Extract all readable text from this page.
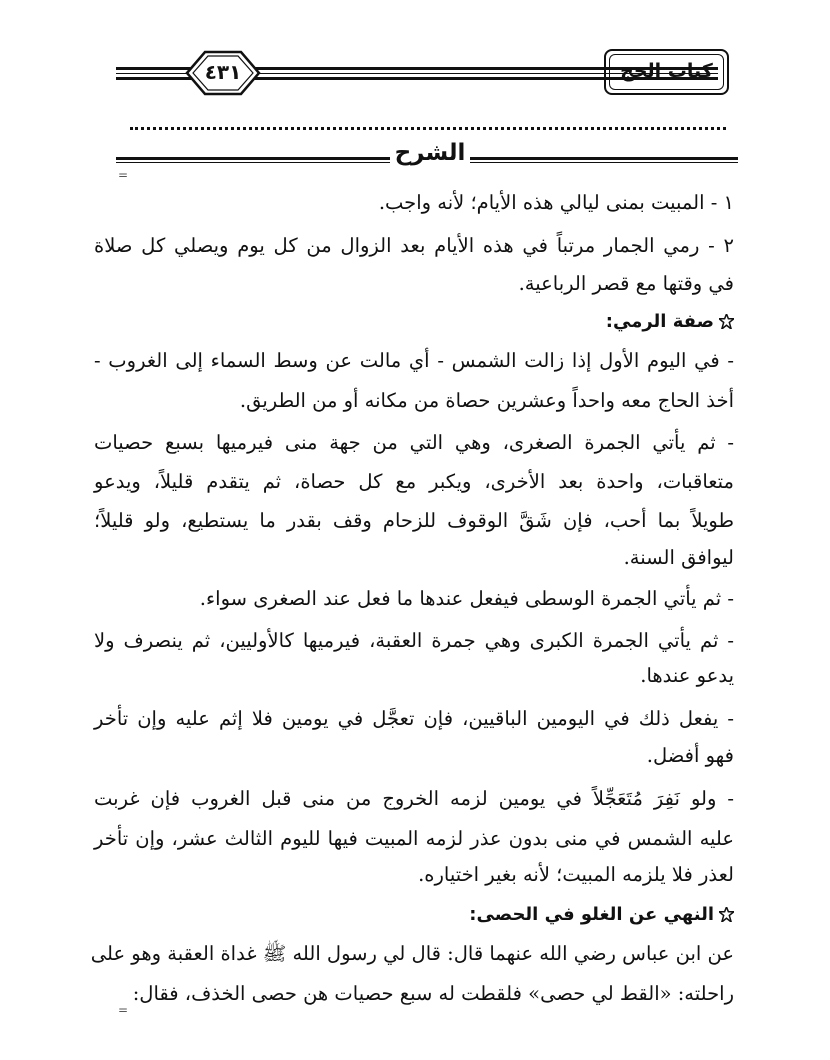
٤٣١	كتاب الحج
الشرح
=
=
١ - المبيت بمنى ليالي هذه الأيام؛ لأنه واجب.
٢ - رمي الجمار مرتباً في هذه الأيام بعد الزوال من كل يوم ويصلي كل صلاة
في وقتها مع قصر الرباعية.
صفة الرمي:
- في اليوم الأول إذا زالت الشمس - أي مالت عن وسط السماء إلى الغروب -
أخذ الحاج معه واحداً وعشرين حصاة من مكانه أو من الطريق.
- ثم يأتي الجمرة الصغرى، وهي التي من جهة منى فيرميها بسبع حصيات
متعاقبات، واحدة بعد الأخرى، ويكبر مع كل حصاة، ثم يتقدم قليلاً، ويدعو
طويلاً بما أحب، فإن شَقَّ الوقوف للزحام وقف بقدر ما يستطيع، ولو قليلاً؛
ليوافق السنة.
- ثم يأتي الجمرة الوسطى فيفعل عندها ما فعل عند الصغرى سواء.
- ثم يأتي الجمرة الكبرى وهي جمرة العقبة، فيرميها كالأوليين، ثم ينصرف ولا
يدعو عندها.
- يفعل ذلك في اليومين الباقيين، فإن تعجَّل في يومين فلا إثم عليه وإن تأخر
فهو أفضل.
- ولو نَفِرَ مُتَعَجِّلاً في يومين لزمه الخروج من منى قبل الغروب فإن غربت
عليه الشمس في منى بدون عذر لزمه المبيت فيها لليوم الثالث عشر، وإن تأخر
لعذر فلا يلزمه المبيت؛ لأنه بغير اختياره.
النهي عن الغلو في الحصى:
عن ابن عباس رضي الله عنهما قال: قال لي رسول الله ﷺ غداة العقبة وهو على
راحلته: «القط لي حصى» فلقطت له سبع حصيات هن حصى الخذف، فقال:
